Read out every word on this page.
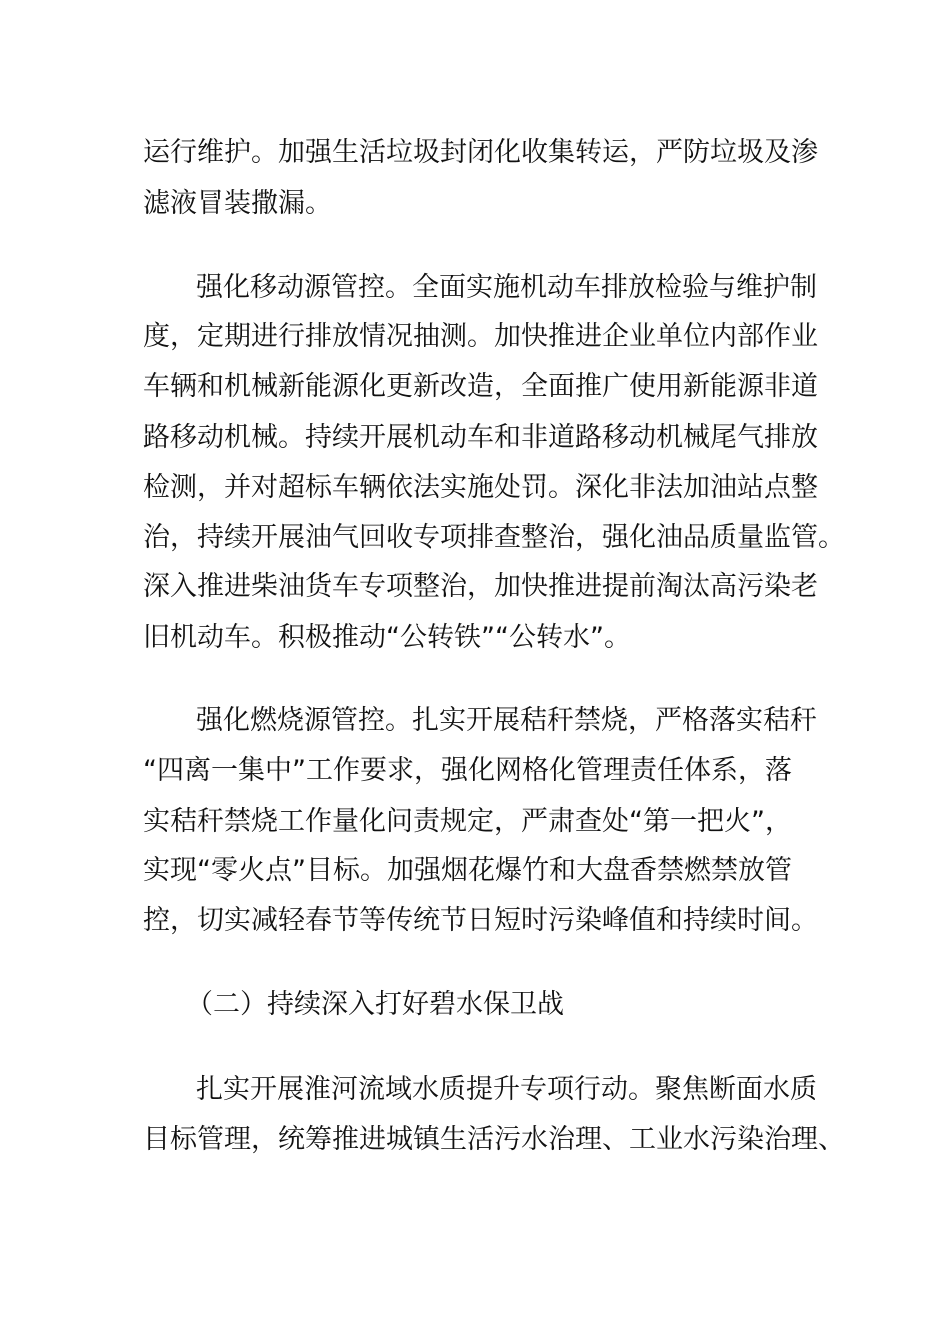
运行维护。加强生活垃圾封闭化收集转运，严防垃圾及渗
滤液冒装撒漏。
强化移动源管控。全面实施机动车排放检验与维护制
度，定期进行排放情况抽测。加快推进企业单位内部作业
车辆和机械新能源化更新改造，全面推广使用新能源非道
路移动机械。持续开展机动车和非道路移动机械尾气排放
检测，并对超标车辆依法实施处罚。深化非法加油站点整
治，持续开展油气回收专项排查整治，强化油品质量监管。
深入推进柴油货车专项整治，加快推进提前淘汰高污染老
旧机动车。积极推动“公转铁”“公转水”。
强化燃烧源管控。扎实开展秸秆禁烧，严格落实秸秆
“四离一集中”工作要求，强化网格化管理责任体系，落
实秸秆禁烧工作量化问责规定，严肃查处“第一把火”，
实现“零火点”目标。加强烟花爆竹和大盘香禁燃禁放管
控，切实减轻春节等传统节日短时污染峰值和持续时间。
（二）持续深入打好碧水保卫战
扎实开展淮河流域水质提升专项行动。聚焦断面水质
目标管理，统筹推进城镇生活污水治理、工业水污染治理、
